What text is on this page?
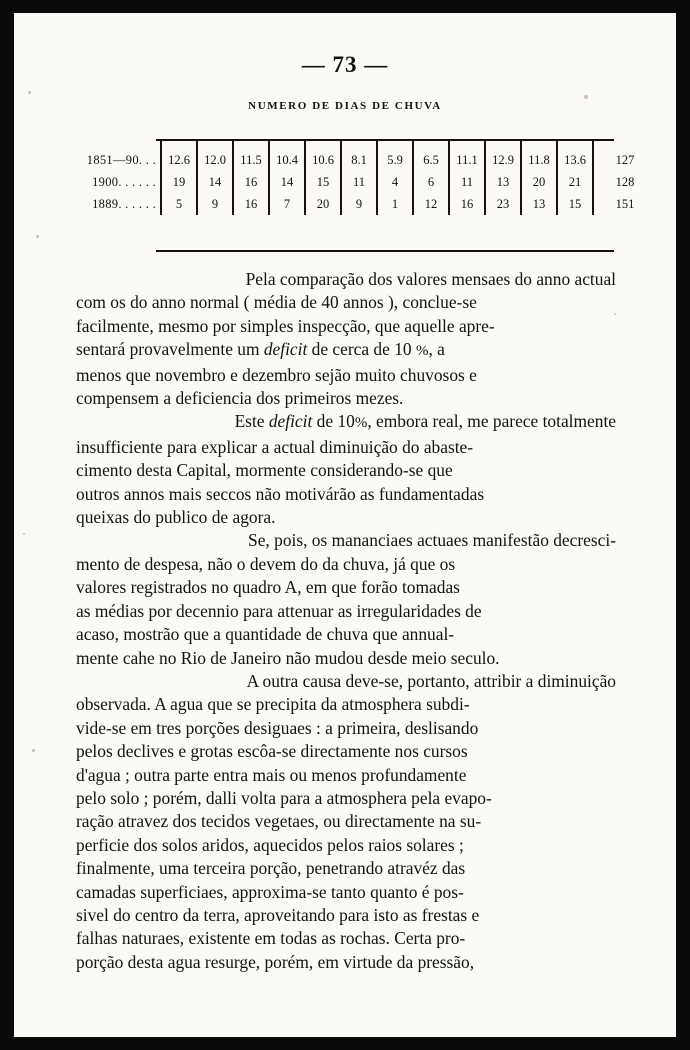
— 73 —
NUMERO DE DIAS DE CHUVA
1851—90. . .	12.6	12.0	11.5	10.4	10.6	8.1	5.9	6.5	11.1	12.9	11.8	13.6	127
1900. . . . . .	19	14	16	14	15	11	4	6	11	13	20	21	128
1889. . . . . .	5	9	16	7	20	9	1	12	16	23	13	15	151
Pela comparação dos valores mensaes do anno actual
com os do anno normal ( média de 40 annos ), conclue-se
facilmente, mesmo por simples inspecção, que aquelle apre-
sentará provavelmente um deficit de cerca de 10 %, a
menos que novembro e dezembro sejão muito chuvosos e
compensem a deficiencia dos primeiros mezes.
Este deficit de 10%, embora real, me parece totalmente
insufficiente para explicar a actual diminuição do abaste-
cimento desta Capital, mormente considerando-se que
outros annos mais seccos não motivárão as fundamentadas
queixas do publico de agora.
Se, pois, os mananciaes actuaes manifestão decresci-
mento de despesa, não o devem do da chuva, já que os
valores registrados no quadro A, em que forão tomadas
as médias por decennio para attenuar as irregularidades de
acaso, mostrão que a quantidade de chuva que annual-
mente cahe no Rio de Janeiro não mudou desde meio seculo.
A outra causa deve-se, portanto, attribir a diminuição
observada. A agua que se precipita da atmosphera subdi-
vide-se em tres porções desiguaes : a primeira, deslisando
pelos declives e grotas escôa-se directamente nos cursos
d'agua ; outra parte entra mais ou menos profundamente
pelo solo ; porém, dalli volta para a atmosphera pela evapo-
ração atravez dos tecidos vegetaes, ou directamente na su-
perficie dos solos aridos, aquecidos pelos raios solares ;
finalmente, uma terceira porção, penetrando atravéz das
camadas superficiaes, approxima-se tanto quanto é pos-
sivel do centro da terra, aproveitando para isto as frestas e
falhas naturaes, existente em todas as rochas. Certa pro-
porção desta agua resurge, porém, em virtude da pressão,
